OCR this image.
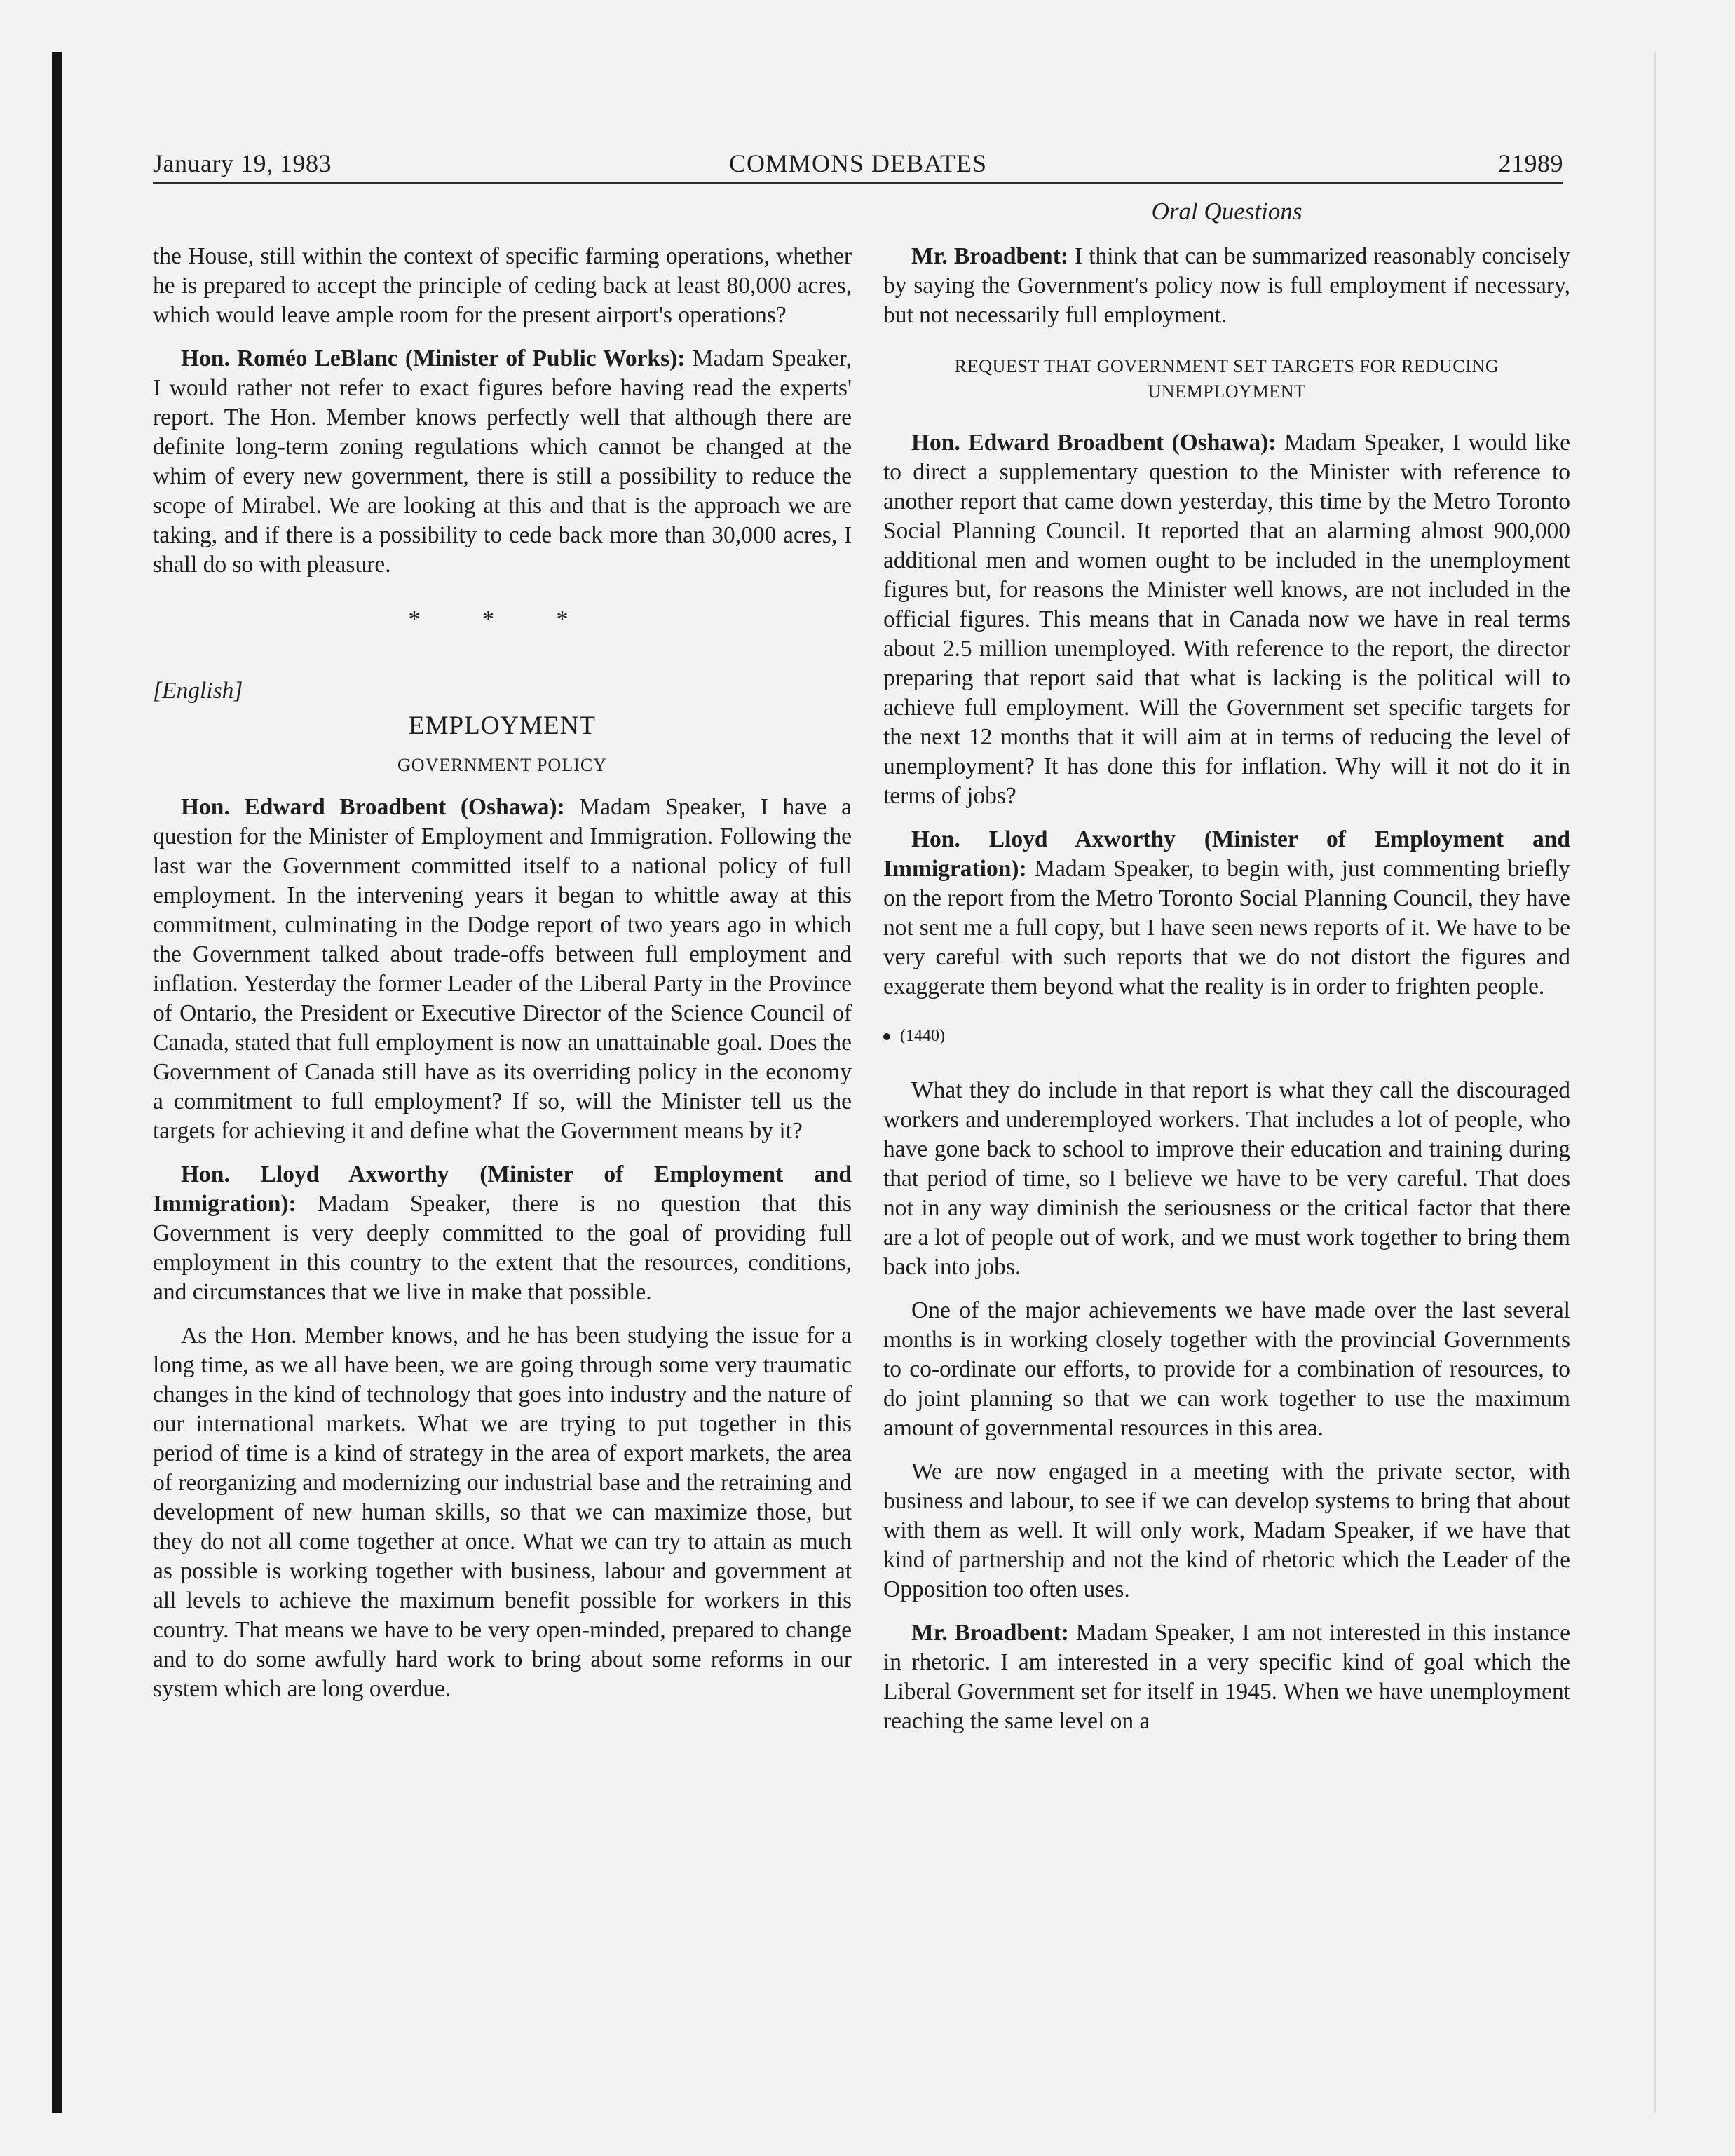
January 19, 1983	COMMONS DEBATES	21989
Oral Questions

the House, still within the context of specific farming operations, whether he is prepared to accept the principle of ceding back at least 80,000 acres, which would leave ample room for the present airport's operations?

Hon. Roméo LeBlanc (Minister of Public Works): Madam Speaker, I would rather not refer to exact figures before having read the experts' report. The Hon. Member knows perfectly well that although there are definite long-term zoning regulations which cannot be changed at the whim of every new government, there is still a possibility to reduce the scope of Mirabel. We are looking at this and that is the approach we are taking, and if there is a possibility to cede back more than 30,000 acres, I shall do so with pleasure.

* * *
[English]
EMPLOYMENT
GOVERNMENT POLICY

Hon. Edward Broadbent (Oshawa): Madam Speaker, I have a question for the Minister of Employment and Immigration. Following the last war the Government committed itself to a national policy of full employment. In the intervening years it began to whittle away at this commitment, culminating in the Dodge report of two years ago in which the Government talked about trade-offs between full employment and inflation. Yesterday the former Leader of the Liberal Party in the Province of Ontario, the President or Executive Director of the Science Council of Canada, stated that full employment is now an unattainable goal. Does the Government of Canada still have as its overriding policy in the economy a commitment to full employment? If so, will the Minister tell us the targets for achieving it and define what the Government means by it?

Hon. Lloyd Axworthy (Minister of Employment and Immigration): Madam Speaker, there is no question that this Government is very deeply committed to the goal of providing full employment in this country to the extent that the resources, conditions, and circumstances that we live in make that possible.

As the Hon. Member knows, and he has been studying the issue for a long time, as we all have been, we are going through some very traumatic changes in the kind of technology that goes into industry and the nature of our international markets. What we are trying to put together in this period of time is a kind of strategy in the area of export markets, the area of reorganizing and modernizing our industrial base and the retraining and development of new human skills, so that we can maximize those, but they do not all come together at once. What we can try to attain as much as possible is working together with business, labour and government at all levels to achieve the maximum benefit possible for workers in this country. That means we have to be very open-minded, prepared to change and to do some awfully hard work to bring about some reforms in our system which are long overdue.

Mr. Broadbent: I think that can be summarized reasonably concisely by saying the Government's policy now is full employment if necessary, but not necessarily full employment.

REQUEST THAT GOVERNMENT SET TARGETS FOR REDUCING UNEMPLOYMENT

Hon. Edward Broadbent (Oshawa): Madam Speaker, I would like to direct a supplementary question to the Minister with reference to another report that came down yesterday, this time by the Metro Toronto Social Planning Council. It reported that an alarming almost 900,000 additional men and women ought to be included in the unemployment figures but, for reasons the Minister well knows, are not included in the official figures. This means that in Canada now we have in real terms about 2.5 million unemployed. With reference to the report, the director preparing that report said that what is lacking is the political will to achieve full employment. Will the Government set specific targets for the next 12 months that it will aim at in terms of reducing the level of unemployment? It has done this for inflation. Why will it not do it in terms of jobs?

Hon. Lloyd Axworthy (Minister of Employment and Immigration): Madam Speaker, to begin with, just commenting briefly on the report from the Metro Toronto Social Planning Council, they have not sent me a full copy, but I have seen news reports of it. We have to be very careful with such reports that we do not distort the figures and exaggerate them beyond what the reality is in order to frighten people.

(1440)

What they do include in that report is what they call the discouraged workers and underemployed workers. That includes a lot of people, who have gone back to school to improve their education and training during that period of time, so I believe we have to be very careful. That does not in any way diminish the seriousness or the critical factor that there are a lot of people out of work, and we must work together to bring them back into jobs.

One of the major achievements we have made over the last several months is in working closely together with the provincial Governments to co-ordinate our efforts, to provide for a combination of resources, to do joint planning so that we can work together to use the maximum amount of governmental resources in this area.

We are now engaged in a meeting with the private sector, with business and labour, to see if we can develop systems to bring that about with them as well. It will only work, Madam Speaker, if we have that kind of partnership and not the kind of rhetoric which the Leader of the Opposition too often uses.

Mr. Broadbent: Madam Speaker, I am not interested in this instance in rhetoric. I am interested in a very specific kind of goal which the Liberal Government set for itself in 1945. When we have unemployment reaching the same level on a
